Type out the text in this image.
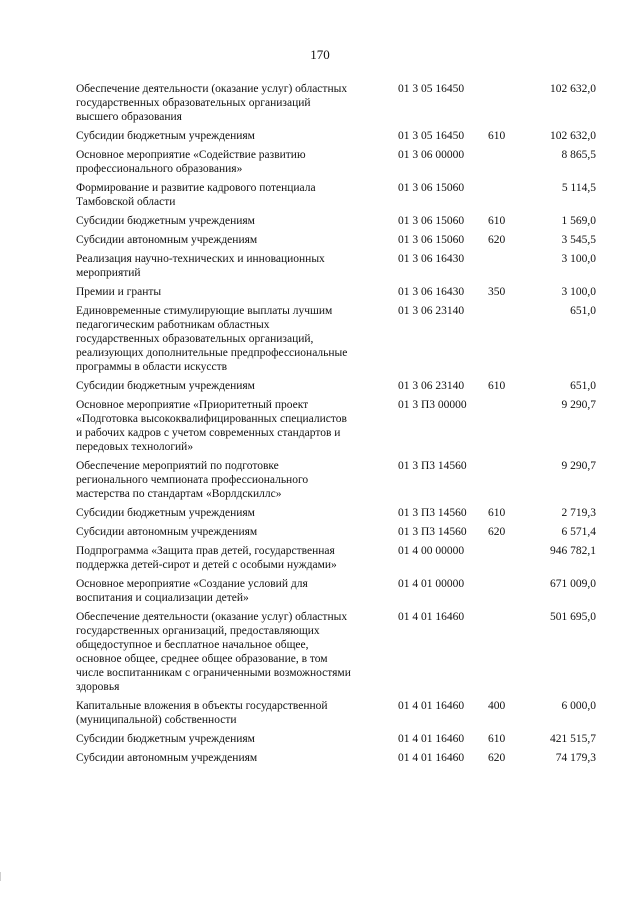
170
Обеспечение деятельности (оказание услуг) областных
государственных образовательных организаций
высшего образования
01 3 05 16450	102 632,0
Субсидии бюджетным учреждениям	01 3 05 16450	610	102 632,0
Основное мероприятие «Содействие развитию
профессионального образования»
01 3 06 00000	8 865,5
Формирование и развитие кадрового потенциала
Тамбовской области
01 3 06 15060	5 114,5
Субсидии бюджетным учреждениям	01 3 06 15060	610	1 569,0
Субсидии автономным учреждениям	01 3 06 15060	620	3 545,5
Реализация научно-технических и инновационных
мероприятий
01 3 06 16430	3 100,0
Премии и гранты	01 3 06 16430	350	3 100,0
Единовременные стимулирующие выплаты лучшим
педагогическим работникам областных
государственных образовательных организаций,
реализующих дополнительные предпрофессиональные
программы в области искусств
01 3 06 23140	651,0
Субсидии бюджетным учреждениям	01 3 06 23140	610	651,0
Основное мероприятие «Приоритетный проект
«Подготовка высококвалифицированных специалистов
и рабочих кадров с учетом современных стандартов и
передовых технологий»
01 3 П3 00000	9 290,7
Обеспечение мероприятий по подготовке
регионального чемпионата профессионального
мастерства по стандартам «Ворлдскиллс»
01 3 П3 14560	9 290,7
Субсидии бюджетным учреждениям	01 3 П3 14560	610	2 719,3
Субсидии автономным учреждениям	01 3 П3 14560	620	6 571,4
Подпрограмма «Защита прав детей, государственная
поддержка детей-сирот и детей с особыми нуждами»
01 4 00 00000	946 782,1
Основное мероприятие «Создание условий для
воспитания и социализации детей»
01 4 01 00000	671 009,0
Обеспечение деятельности (оказание услуг) областных
государственных организаций, предоставляющих
общедоступное и бесплатное начальное общее,
основное общее, среднее общее образование, в том
числе воспитанникам с ограниченными возможностями
здоровья
01 4 01 16460	501 695,0
Капитальные вложения в объекты государственной
(муниципальной) собственности
01 4 01 16460	400	6 000,0
Субсидии бюджетным учреждениям	01 4 01 16460	610	421 515,7
Субсидии автономным учреждениям	01 4 01 16460	620	74 179,3
